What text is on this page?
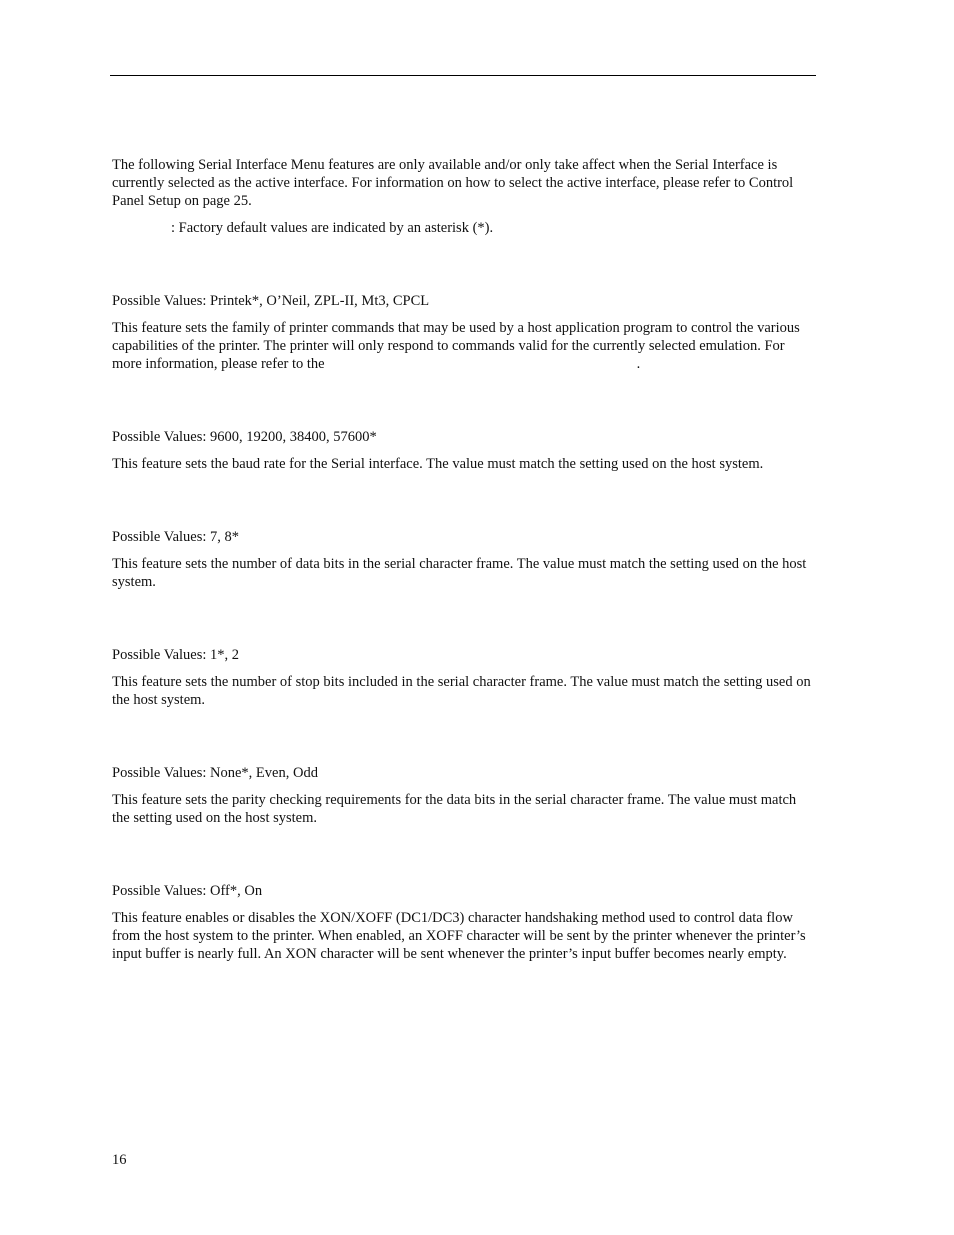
The following Serial Interface Menu features are only available and/or only take affect when the Serial Interface is currently selected as the active interface. For information on how to select the active interface, please refer to Control Panel Setup on page 25.

: Factory default values are indicated by an asterisk (*).

Possible Values: Printek*, O’Neil, ZPL-II, Mt3, CPCL

This feature sets the family of printer commands that may be used by a host application program to control the various capabilities of the printer. The printer will only respond to commands valid for the currently selected emulation. For more information, please refer to the	.

Possible Values: 9600, 19200, 38400, 57600*

This feature sets the baud rate for the Serial interface. The value must match the setting used on the host system.

Possible Values: 7, 8*

This feature sets the number of data bits in the serial character frame. The value must match the setting used on the host system.

Possible Values: 1*, 2

This feature sets the number of stop bits included in the serial character frame. The value must match the setting used on the host system.

Possible Values: None*, Even, Odd

This feature sets the parity checking requirements for the data bits in the serial character frame. The value must match the setting used on the host system.

Possible Values: Off*, On

This feature enables or disables the XON/XOFF (DC1/DC3) character handshaking method used to control data flow from the host system to the printer. When enabled, an XOFF character will be sent by the printer whenever the printer’s input buffer is nearly full. An XON character will be sent whenever the printer’s input buffer becomes nearly empty.

16
